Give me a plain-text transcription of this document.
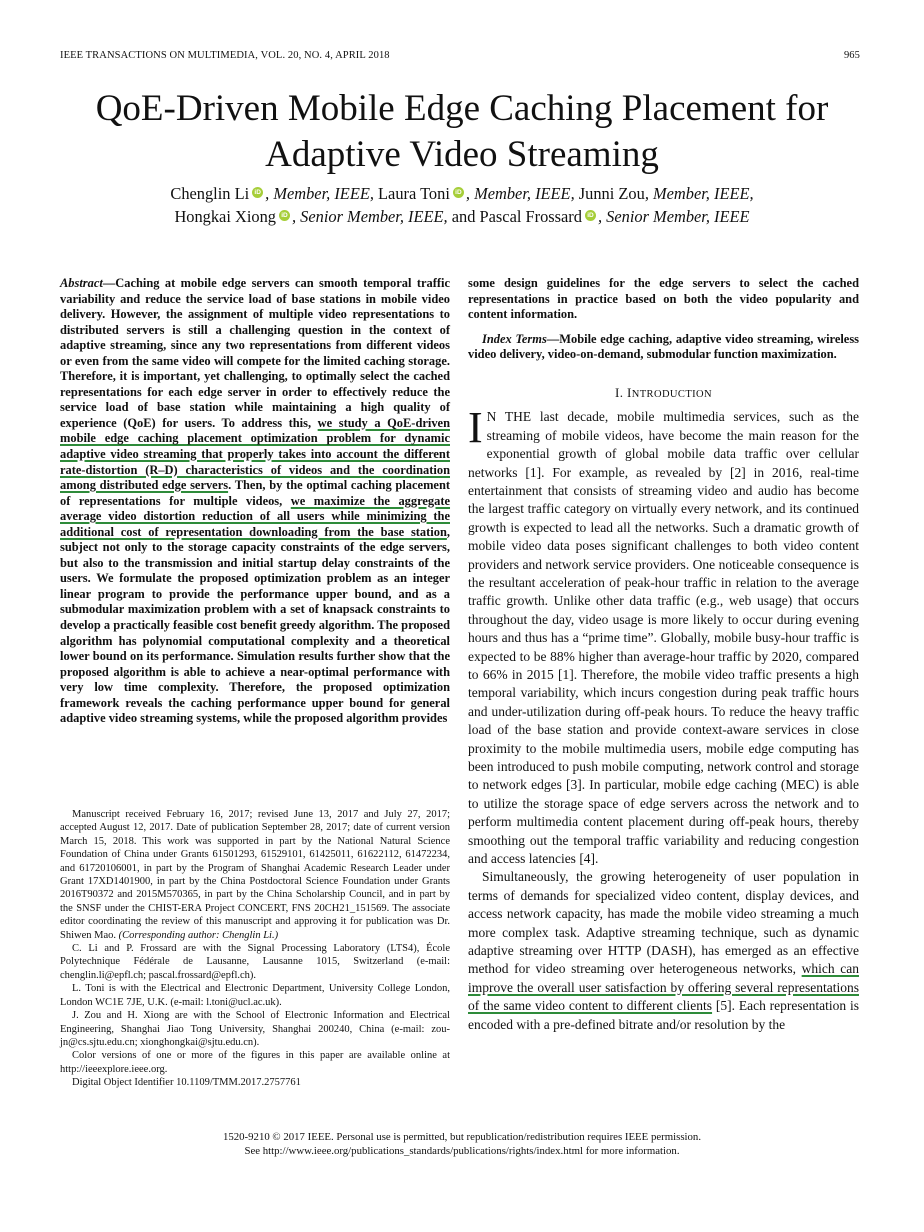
IEEE TRANSACTIONS ON MULTIMEDIA, VOL. 20, NO. 4, APRIL 2018	965
QoE-Driven Mobile Edge Caching Placement for Adaptive Video Streaming
Chenglin Li iD , Member, IEEE, Laura Toni iD , Member, IEEE, Junni Zou, Member, IEEE,
Hongkai Xiong iD , Senior Member, IEEE, and Pascal Frossard iD , Senior Member, IEEE
Abstract—Caching at mobile edge servers can smooth temporal traffic variability and reduce the service load of base stations in mobile video delivery. However, the assignment of multiple video representations to distributed servers is still a challenging question in the context of adaptive streaming, since any two representations from different videos or even from the same video will compete for the limited caching storage. Therefore, it is important, yet challenging, to optimally select the cached representations for each edge server in order to effectively reduce the service load of base station while maintaining a high quality of experience (QoE) for users. To address this, we study a QoE-driven mobile edge caching placement optimization problem for dynamic adaptive video streaming that properly takes into account the different rate-distortion (R–D) characteristics of videos and the coordination among distributed edge servers. Then, by the optimal caching placement of representations for multiple videos, we maximize the aggregate average video distortion reduction of all users while minimizing the additional cost of representation downloading from the base station, subject not only to the storage capacity constraints of the edge servers, but also to the transmission and initial startup delay constraints of the users. We formulate the proposed optimization problem as an integer linear program to provide the performance upper bound, and as a submodular maximization problem with a set of knapsack constraints to develop a practically feasible cost benefit greedy algorithm. The proposed algorithm has polynomial computational complexity and a theoretical lower bound on its performance. Simulation results further show that the proposed algorithm is able to achieve a near-optimal performance with very low time complexity. Therefore, the proposed optimization framework reveals the caching performance upper bound for general adaptive video streaming systems, while the proposed algorithm provides

Manuscript received February 16, 2017; revised June 13, 2017 and July 27, 2017; accepted August 12, 2017. Date of publication September 28, 2017; date of current version March 15, 2018. This work was supported in part by the National Natural Science Foundation of China under Grants 61501293, 61529101, 61425011, 61622112, 61472234, and 61720106001, in part by the Program of Shanghai Academic Research Leader under Grant 17XD1401900, in part by the China Postdoctoral Science Foundation under Grants 2016T90372 and 2015M570365, in part by the China Scholarship Council, and in part by the SNSF under the CHIST-ERA Project CONCERT, FNS 20CH21_151569. The associate editor coordinating the review of this manuscript and approving it for publication was Dr. Shiwen Mao. (Corresponding author: Chenglin Li.)

C. Li and P. Frossard are with the Signal Processing Laboratory (LTS4), École Polytechnique Fédérale de Lausanne, Lausanne 1015, Switzerland (e-mail: chenglin.li@epfl.ch; pascal.frossard@epfl.ch).

L. Toni is with the Electrical and Electronic Department, University College London, London WC1E 7JE, U.K. (e-mail: l.toni@ucl.ac.uk).

J. Zou and H. Xiong are with the School of Electronic Information and Electrical Engineering, Shanghai Jiao Tong University, Shanghai 200240, China (e-mail: zou-jn@cs.sjtu.edu.cn; xionghongkai@sjtu.edu.cn).

Color versions of one or more of the figures in this paper are available online at http://ieeexplore.ieee.org.

Digital Object Identifier 10.1109/TMM.2017.2757761

some design guidelines for the edge servers to select the cached representations in practice based on both the video popularity and content information.
Index Terms—Mobile edge caching, adaptive video streaming, wireless video delivery, video-on-demand, submodular function maximization.
I. INTRODUCTION

I N THE last decade, mobile multimedia services, such as the streaming of mobile videos, have become the main reason for the exponential growth of global mobile data traffic over cellular networks [1]. For example, as revealed by [2] in 2016, real-time entertainment that consists of streaming video and audio has become the largest traffic category on virtually every network, and its continued growth is expected to lead all the networks. Such a dramatic growth of mobile video data poses significant challenges to both video content providers and network service providers. One noticeable consequence is the resultant acceleration of peak-hour traffic in relation to the average traffic growth. Unlike other data traffic (e.g., web usage) that occurs throughout the day, video usage is more likely to occur during evening hours and thus has a “prime time”. Globally, mobile busy-hour traffic is expected to be 88% higher than average-hour traffic by 2020, compared to 66% in 2015 [1]. Therefore, the mobile video traffic presents a high temporal variability, which incurs congestion during peak traffic hours and under-utilization during off-peak hours. To reduce the heavy traffic load of the base station and provide context-aware services in close proximity to the mobile multimedia users, mobile edge computing has been introduced to push mobile computing, network control and storage to network edges [3]. In particular, mobile edge caching (MEC) is able to utilize the storage space of edge servers across the network and to perform multimedia content placement during off-peak hours, thereby smoothing out the temporal traffic variability and reducing congestion and access latencies [4].

Simultaneously, the growing heterogeneity of user population in terms of demands for specialized video content, display devices, and access network capacity, has made the mobile video streaming a much more complex task. Adaptive streaming technique, such as dynamic adaptive streaming over HTTP (DASH), has emerged as an effective method for video streaming over heterogeneous networks, which can improve the overall user satisfaction by offering several representations of the same video content to different clients [5]. Each representation is encoded with a pre-defined bitrate and/or resolution by the

1520-9210 © 2017 IEEE. Personal use is permitted, but republication/redistribution requires IEEE permission.
See http://www.ieee.org/publications_standards/publications/rights/index.html for more information.
